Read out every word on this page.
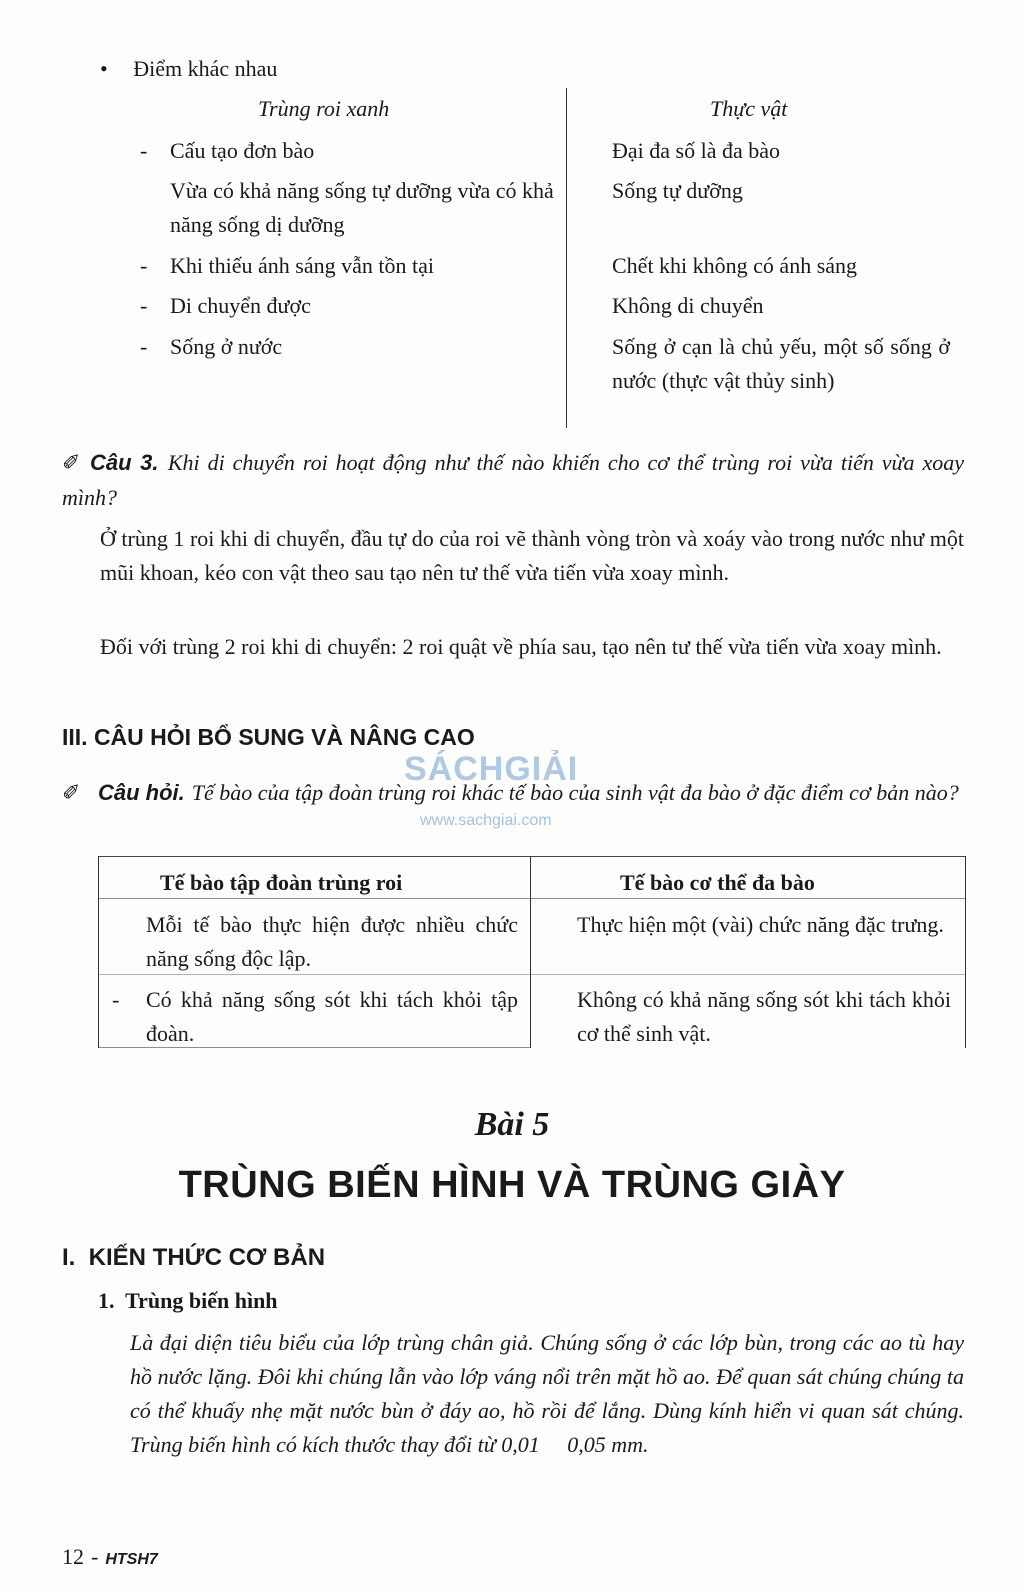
• Điểm khác nhau
Trùng roi xanh	Thực vật
- Cấu tạo đơn bào
Vừa có khả năng sống tự dưỡng vừa có khả năng sống dị dưỡng
- Khi thiếu ánh sáng vẫn tồn tại
- Di chuyển được
- Sống ở nước
Đại đa số là đa bào
Sống tự dưỡng
Chết khi không có ánh sáng
Không di chuyển
Sống ở cạn là chủ yếu, một số sống ở nước (thực vật thủy sinh)
✐ Câu 3. Khi di chuyển roi hoạt động như thế nào khiến cho cơ thể trùng roi vừa tiến vừa xoay mình?
Ở trùng 1 roi khi di chuyển, đầu tự do của roi vẽ thành vòng tròn và xoáy vào trong nước như một mũi khoan, kéo con vật theo sau tạo nên tư thế vừa tiến vừa xoay mình.
Đối với trùng 2 roi khi di chuyển: 2 roi quật về phía sau, tạo nên tư thế vừa tiến vừa xoay mình.
III. CÂU HỎI BỔ SUNG VÀ NÂNG CAO
SÁCHGIẢI
www.sachgiai.com
✐ Câu hỏi. Tế bào của tập đoàn trùng roi khác tế bào của sinh vật đa bào ở đặc điểm cơ bản nào?
Tế bào tập đoàn trùng roi	Tế bào cơ thể đa bào
Mỗi tế bào thực hiện được nhiều chức năng sống độc lập.
Thực hiện một (vài) chức năng đặc trưng.
- Có khả năng sống sót khi tách khỏi tập đoàn.
Không có khả năng sống sót khi tách khỏi cơ thể sinh vật.
Bài 5
TRÙNG BIẾN HÌNH VÀ TRÙNG GIÀY
I.  KIẾN THỨC CƠ BẢN
1.  Trùng biến hình
Là đại diện tiêu biểu của lớp trùng chân giả. Chúng sống ở các lớp bùn, trong các ao tù hay hồ nước lặng. Đôi khi chúng lẫn vào lớp váng nổi trên mặt hồ ao. Để quan sát chúng chúng ta có thể khuấy nhẹ mặt nước bùn ở đáy ao, hồ rồi để lắng. Dùng kính hiển vi quan sát chúng. Trùng biến hình có kích thước thay đổi từ 0,01     0,05 mm.
12 - HTSH7
